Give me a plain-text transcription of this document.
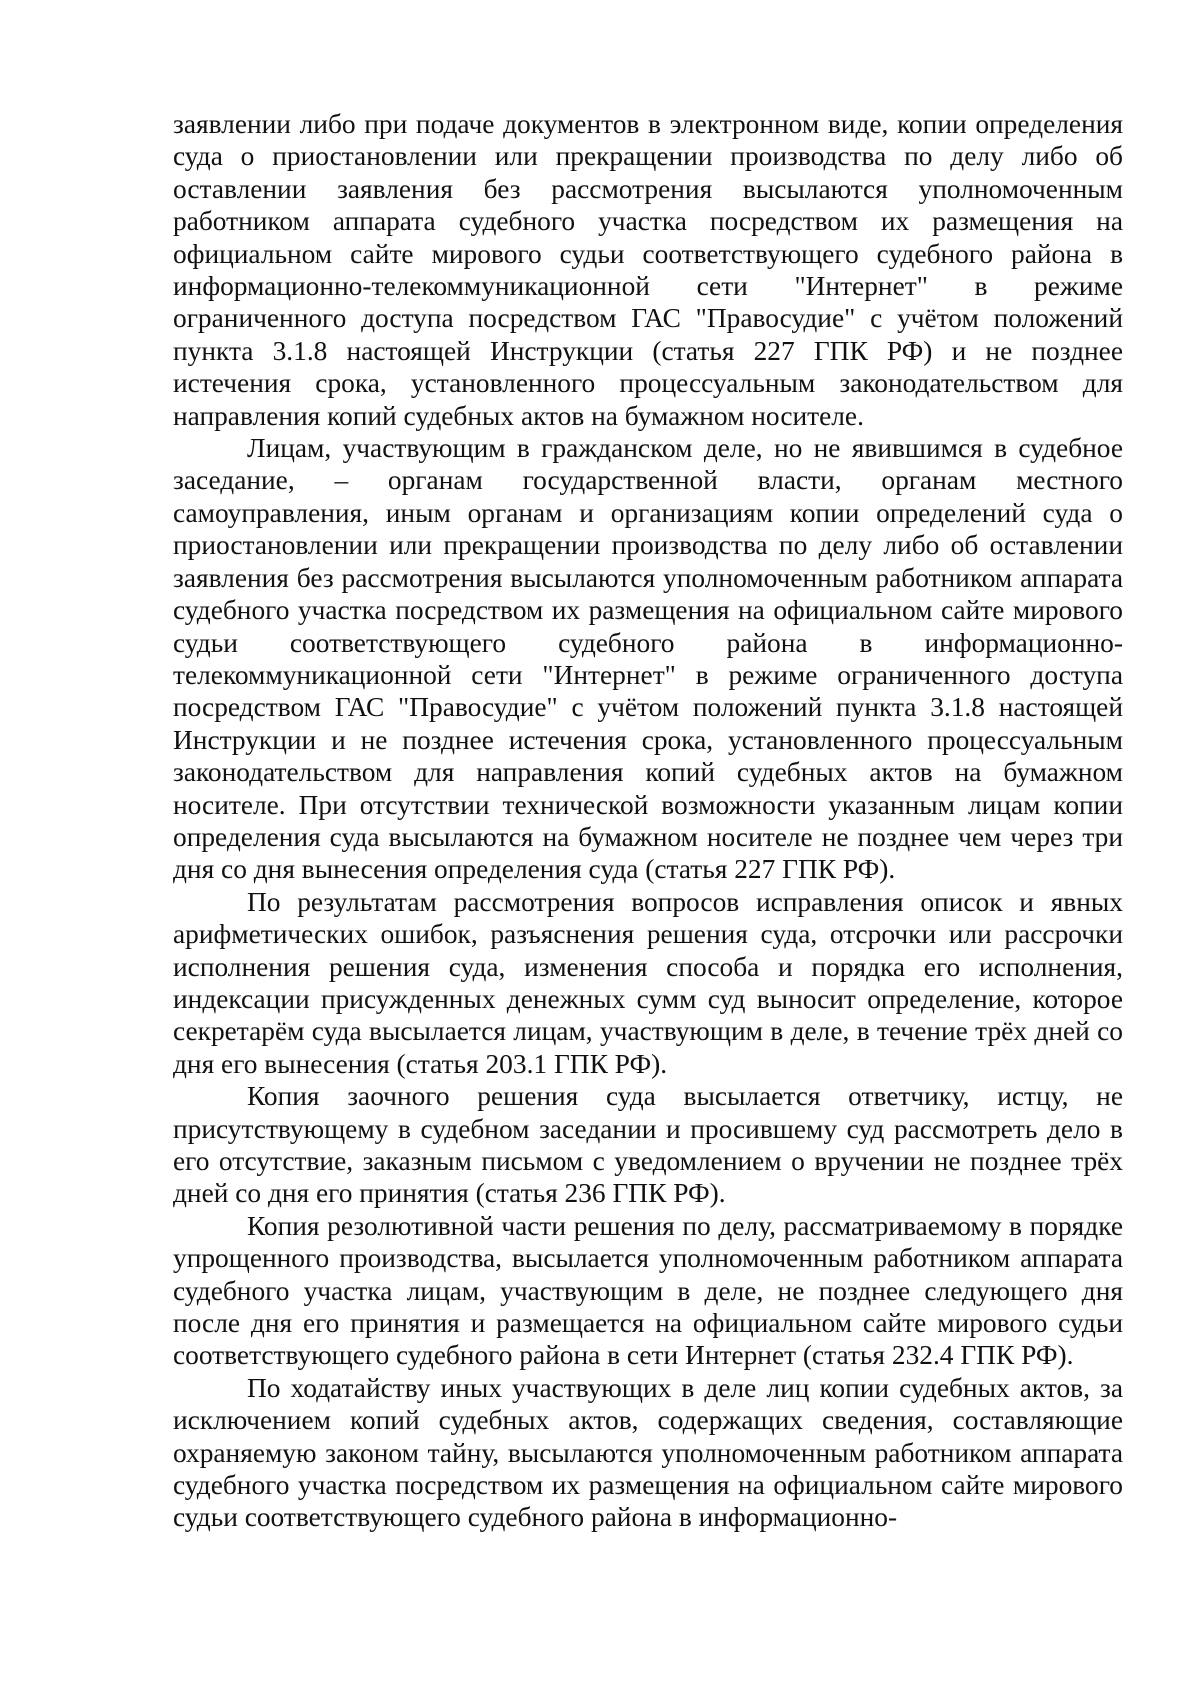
заявлении либо при подаче документов в электронном виде, копии определения суда о приостановлении или прекращении производства по делу либо об оставлении заявления без рассмотрения высылаются уполномоченным работником аппарата судебного участка посредством их размещения на официальном сайте мирового судьи соответствующего судебного района в информационно-телекоммуникационной сети "Интернет" в режиме ограниченного доступа посредством ГАС "Правосудие" с учётом положений пункта 3.1.8 настоящей Инструкции (статья 227 ГПК РФ) и не позднее истечения срока, установленного процессуальным законодательством для направления копий судебных актов на бумажном носителе.

Лицам, участвующим в гражданском деле, но не явившимся в судебное заседание, – органам государственной власти, органам местного самоуправления, иным органам и организациям копии определений суда о приостановлении или прекращении производства по делу либо об оставлении заявления без рассмотрения высылаются уполномоченным работником аппарата судебного участка посредством их размещения на официальном сайте мирового судьи соответствующего судебного района в информационно-телекоммуникационной сети "Интернет" в режиме ограниченного доступа посредством ГАС "Правосудие" с учётом положений пункта 3.1.8 настоящей Инструкции и не позднее истечения срока, установленного процессуальным законодательством для направления копий судебных актов на бумажном носителе. При отсутствии технической возможности указанным лицам копии определения суда высылаются на бумажном носителе не позднее чем через три дня со дня вынесения определения суда (статья 227 ГПК РФ).

По результатам рассмотрения вопросов исправления описок и явных арифметических ошибок, разъяснения решения суда, отсрочки или рассрочки исполнения решения суда, изменения способа и порядка его исполнения, индексации присужденных денежных сумм суд выносит определение, которое секретарём суда высылается лицам, участвующим в деле, в течение трёх дней со дня его вынесения (статья 203.1 ГПК РФ).

Копия заочного решения суда высылается ответчику, истцу, не присутствующему в судебном заседании и просившему суд рассмотреть дело в его отсутствие, заказным письмом с уведомлением о вручении не позднее трёх дней со дня его принятия (статья 236 ГПК РФ).

Копия резолютивной части решения по делу, рассматриваемому в порядке упрощенного производства, высылается уполномоченным работником аппарата судебного участка лицам, участвующим в деле, не позднее следующего дня после дня его принятия и размещается на официальном сайте мирового судьи соответствующего судебного района в сети Интернет (статья 232.4 ГПК РФ).

По ходатайству иных участвующих в деле лиц копии судебных актов, за исключением копий судебных актов, содержащих сведения, составляющие охраняемую законом тайну, высылаются уполномоченным работником аппарата судебного участка посредством их размещения на официальном сайте мирового судьи соответствующего судебного района в информационно-
